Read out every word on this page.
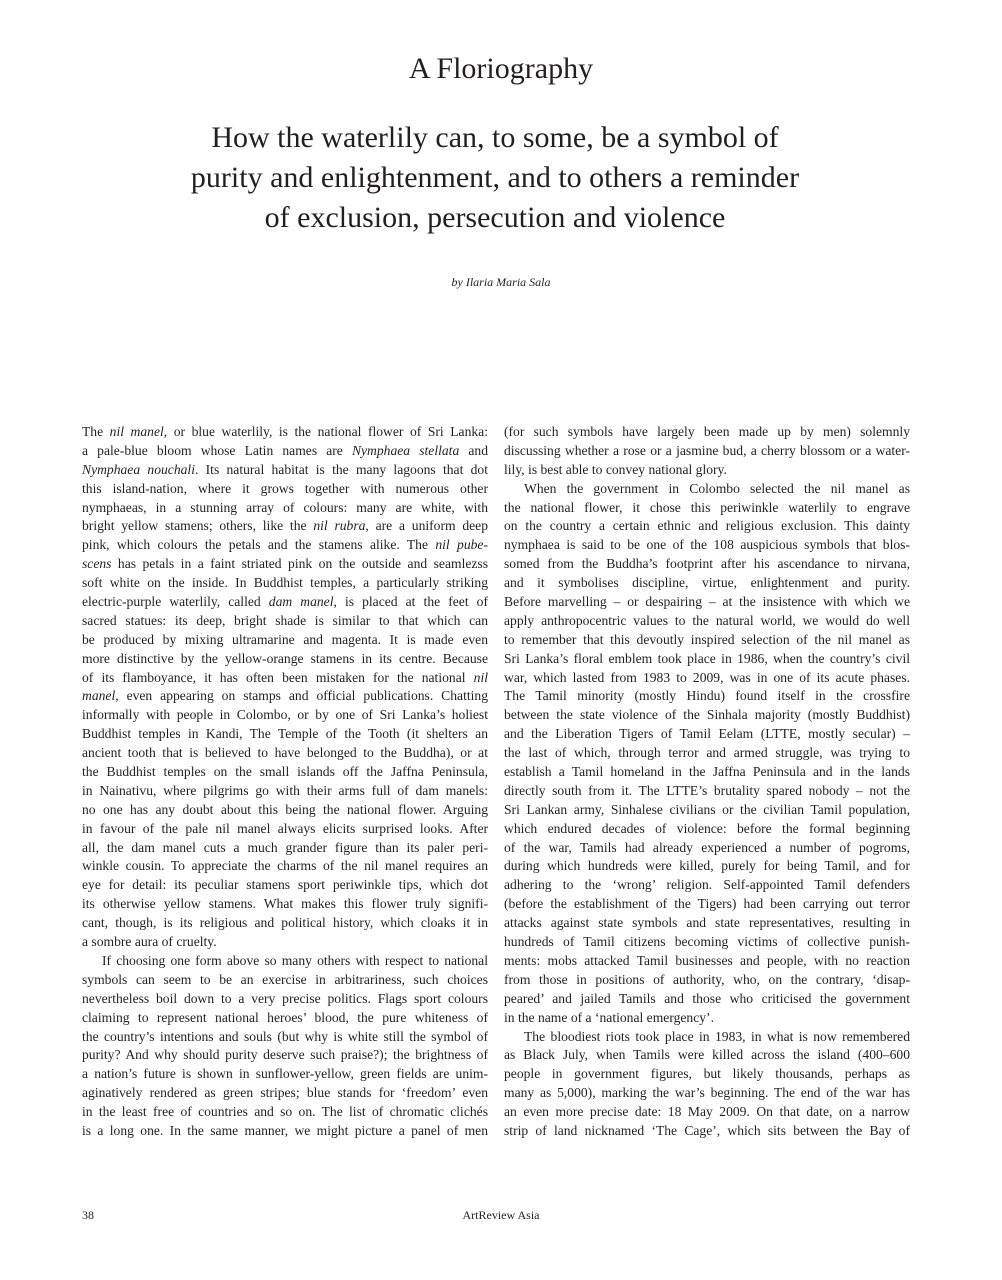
A Floriography
How the waterlily can, to some, be a symbol of
purity and enlightenment, and to others a reminder
of exclusion, persecution and violence
by Ilaria Maria Sala
The nil manel, or blue waterlily, is the national flower of Sri Lanka:
a pale-blue bloom whose Latin names are Nymphaea stellata and
Nymphaea nouchali. Its natural habitat is the many lagoons that dot
this island-nation, where it grows together with numerous other
nymphaeas, in a stunning array of colours: many are white, with
bright yellow stamens; others, like the nil rubra, are a uniform deep
pink, which colours the petals and the stamens alike. The nil pube-
scens has petals in a faint striated pink on the outside and seamlezss
soft white on the inside. In Buddhist temples, a particularly striking
electric-purple waterlily, called dam manel, is placed at the feet of
sacred statues: its deep, bright shade is similar to that which can
be produced by mixing ultramarine and magenta. It is made even
more distinctive by the yellow-orange stamens in its centre. Because
of its flamboyance, it has often been mistaken for the national nil
manel, even appearing on stamps and official publications. Chatting
informally with people in Colombo, or by one of Sri Lanka’s holiest
Buddhist temples in Kandi, The Temple of the Tooth (it shelters an
ancient tooth that is believed to have belonged to the Buddha), or at
the Buddhist temples on the small islands off the Jaffna Peninsula,
in Nainativu, where pilgrims go with their arms full of dam manels:
no one has any doubt about this being the national flower. Arguing
in favour of the pale nil manel always elicits surprised looks. After
all, the dam manel cuts a much grander figure than its paler peri-
winkle cousin. To appreciate the charms of the nil manel requires an
eye for detail: its peculiar stamens sport periwinkle tips, which dot
its otherwise yellow stamens. What makes this flower truly signifi-
cant, though, is its religious and political history, which cloaks it in
a sombre aura of cruelty.
If choosing one form above so many others with respect to national
symbols can seem to be an exercise in arbitrariness, such choices
nevertheless boil down to a very precise politics. Flags sport colours
claiming to represent national heroes’ blood, the pure whiteness of
the country’s intentions and souls (but why is white still the symbol of
purity? And why should purity deserve such praise?); the brightness of
a nation’s future is shown in sunflower-yellow, green fields are unim-
aginatively rendered as green stripes; blue stands for ‘freedom’ even
in the least free of countries and so on. The list of chromatic clichés
is a long one. In the same manner, we might picture a panel of men
(for such symbols have largely been made up by men) solemnly
discussing whether a rose or a jasmine bud, a cherry blossom or a water-
lily, is best able to convey national glory.
When the government in Colombo selected the nil manel as
the national flower, it chose this periwinkle waterlily to engrave
on the country a certain ethnic and religious exclusion. This dainty
nymphaea is said to be one of the 108 auspicious symbols that blos-
somed from the Buddha’s footprint after his ascendance to nirvana,
and it symbolises discipline, virtue, enlightenment and purity.
Before marvelling – or despairing – at the insistence with which we
apply anthropocentric values to the natural world, we would do well
to remember that this devoutly inspired selection of the nil manel as
Sri Lanka’s floral emblem took place in 1986, when the country’s civil
war, which lasted from 1983 to 2009, was in one of its acute phases.
The Tamil minority (mostly Hindu) found itself in the crossfire
between the state violence of the Sinhala majority (mostly Buddhist)
and the Liberation Tigers of Tamil Eelam (LTTE, mostly secular) –
the last of which, through terror and armed struggle, was trying to
establish a Tamil homeland in the Jaffna Peninsula and in the lands
directly south from it. The LTTE’s brutality spared nobody – not the
Sri Lankan army, Sinhalese civilians or the civilian Tamil population,
which endured decades of violence: before the formal beginning
of the war, Tamils had already experienced a number of pogroms,
during which hundreds were killed, purely for being Tamil, and for
adhering to the ‘wrong’ religion. Self-appointed Tamil defenders
(before the establishment of the Tigers) had been carrying out terror
attacks against state symbols and state representatives, resulting in
hundreds of Tamil citizens becoming victims of collective punish-
ments: mobs attacked Tamil businesses and people, with no reaction
from those in positions of authority, who, on the contrary, ‘disap-
peared’ and jailed Tamils and those who criticised the government
in the name of a ‘national emergency’.
The bloodiest riots took place in 1983, in what is now remembered
as Black July, when Tamils were killed across the island (400–600
people in government figures, but likely thousands, perhaps as
many as 5,000), marking the war’s beginning. The end of the war has
an even more precise date: 18 May 2009. On that date, on a narrow
strip of land nicknamed ‘The Cage’, which sits between the Bay of
38	ArtReview Asia
